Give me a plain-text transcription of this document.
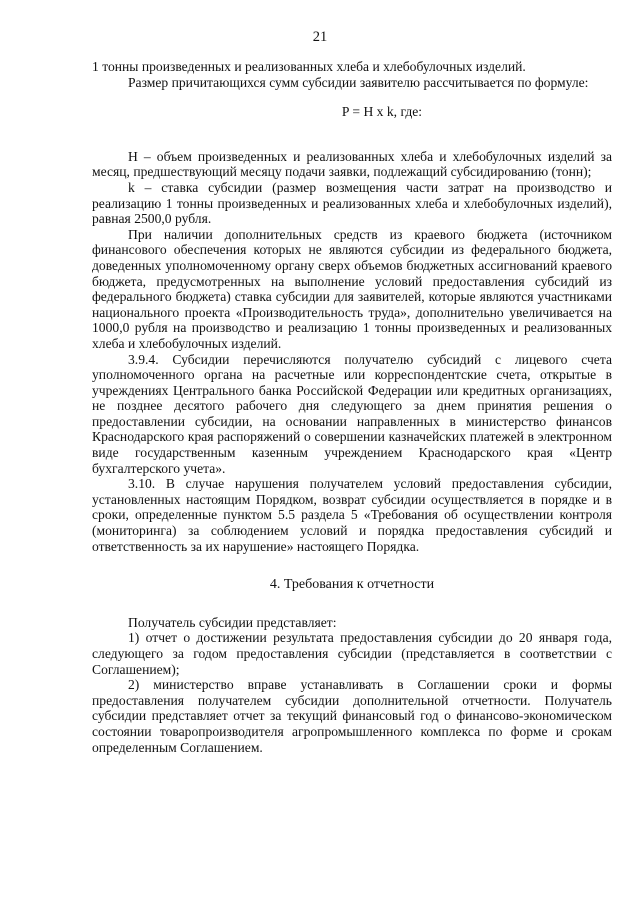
21

1 тонны произведенных и реализованных хлеба и хлебобулочных изделий.

Размер причитающихся сумм субсидии заявителю рассчитывается по формуле:

P = H x k, где:

H – объем произведенных и реализованных хлеба и хлебобулочных изделий за месяц, предшествующий месяцу подачи заявки, подлежащий субсидированию (тонн);

k – ставка субсидии (размер возмещения части затрат на производство и реализацию 1 тонны произведенных и реализованных хлеба и хлебобулочных изделий), равная 2500,0 рубля.

При наличии дополнительных средств из краевого бюджета (источником финансового обеспечения которых не являются субсидии из федерального бюджета, доведенных уполномоченному органу сверх объемов бюджетных ассигнований краевого бюджета, предусмотренных на выполнение условий предоставления субсидий из федерального бюджета) ставка субсидии для заявителей, которые являются участниками национального проекта «Производительность труда», дополнительно увеличивается на 1000,0 рубля на производство и реализацию 1 тонны произведенных и реализованных хлеба и хлебобулочных изделий.

3.9.4. Субсидии перечисляются получателю субсидий с лицевого счета уполномоченного органа на расчетные или корреспондентские счета, открытые в учреждениях Центрального банка Российской Федерации или кредитных организациях, не позднее десятого рабочего дня следующего за днем принятия решения о предоставлении субсидии, на основании направленных в министерство финансов Краснодарского края распоряжений о совершении казначейских платежей в электронном виде государственным казенным учреждением Краснодарского края «Центр бухгалтерского учета».

3.10. В случае нарушения получателем условий предоставления субсидии, установленных настоящим Порядком, возврат субсидии осуществляется в порядке и в сроки, определенные пунктом 5.5 раздела 5 «Требования об осуществлении контроля (мониторинга) за соблюдением условий и порядка предоставления субсидий и ответственность за их нарушение» настоящего Порядка.

4. Требования к отчетности

Получатель субсидии представляет:

1) отчет о достижении результата предоставления субсидии до 20 января года, следующего за годом предоставления субсидии (представляется в соответствии с Соглашением);

2) министерство вправе устанавливать в Соглашении сроки и формы предоставления получателем субсидии дополнительной отчетности. Получатель субсидии представляет отчет за текущий финансовый год о финансово-экономическом состоянии товаропроизводителя агропромышленного комплекса по форме и срокам определенным Соглашением.
